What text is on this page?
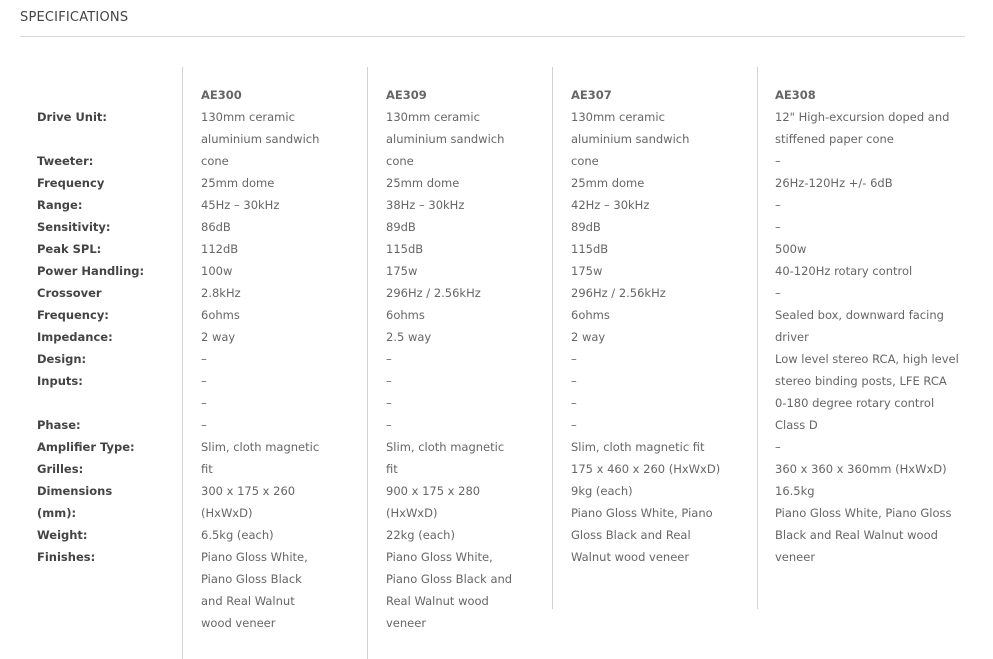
SPECIFICATIONS
Drive Unit:
Tweeter:
Frequency
Range:
Sensitivity:
Peak SPL:
Power Handling:
Crossover
Frequency:
Impedance:
Design:
Inputs:
Phase:
Amplifier Type:
Grilles:
Dimensions
(mm):
Weight:
Finishes:
AE300
130mm ceramic
aluminium sandwich
cone
25mm dome
45Hz – 30kHz
86dB
112dB
100w
2.8kHz
6ohms
2 way
–
–
–
–
Slim, cloth magnetic
fit
300 x 175 x 260
(HxWxD)
6.5kg (each)
Piano Gloss White,
Piano Gloss Black
and Real Walnut
wood veneer
AE309
130mm ceramic
aluminium sandwich
cone
25mm dome
38Hz – 30kHz
89dB
115dB
175w
296Hz / 2.56kHz
6ohms
2.5 way
–
–
–
–
Slim, cloth magnetic
fit
900 x 175 x 280
(HxWxD)
22kg (each)
Piano Gloss White,
Piano Gloss Black and
Real Walnut wood
veneer
AE307
130mm ceramic
aluminium sandwich
cone
25mm dome
42Hz – 30kHz
89dB
115dB
175w
296Hz / 2.56kHz
6ohms
2 way
–
–
–
–
Slim, cloth magnetic fit
175 x 460 x 260 (HxWxD)
9kg (each)
Piano Gloss White, Piano
Gloss Black and Real
Walnut wood veneer
AE308
12" High-excursion doped and
stiffened paper cone
–
26Hz-120Hz +/- 6dB
–
–
500w
40-120Hz rotary control
–
Sealed box, downward facing
driver
Low level stereo RCA, high level
stereo binding posts, LFE RCA
0-180 degree rotary control
Class D
–
360 x 360 x 360mm (HxWxD)
16.5kg
Piano Gloss White, Piano Gloss
Black and Real Walnut wood
veneer
